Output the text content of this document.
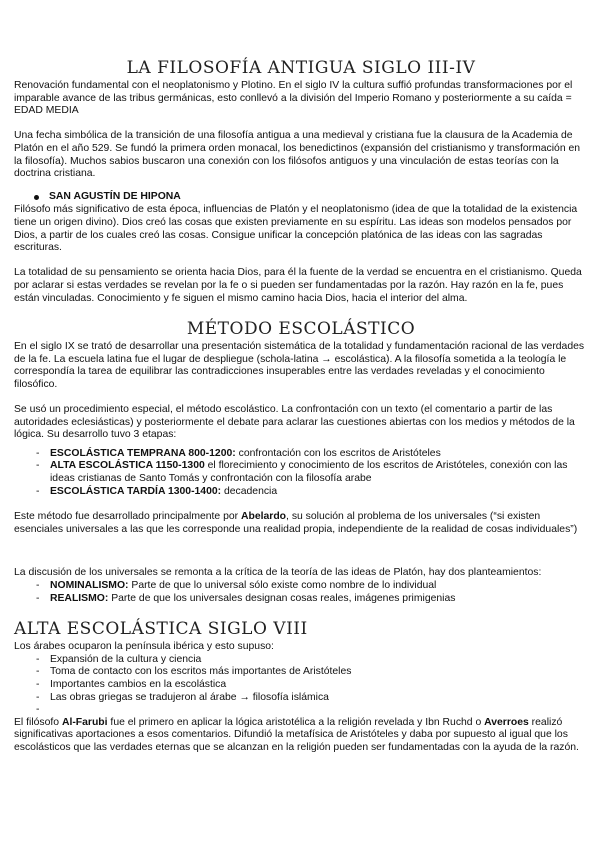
LA FILOSOFÍA ANTIGUA SIGLO III-IV

Renovación fundamental con el neoplatonismo y Plotino. En el siglo IV la cultura suffió profundas transformaciones por el imparable avance de las tribus germánicas, esto conllevó a la división del Imperio Romano y posteriormente a su caída = EDAD MEDIA

Una fecha simbólica de la transición de una filosofía antigua a una medieval y cristiana fue la clausura de la Academia de Platón en el año 529. Se fundó la primera orden monacal, los benedictinos (expansión del cristianismo y transformación en la filosofía). Muchos sabios buscaron una conexión con los filósofos antiguos y una vinculación de estas teorías con la doctrina cristiana.

SAN AGUSTÍN DE HIPONA

Filósofo más significativo de esta época, influencias de Platón y el neoplatonismo (idea de que la totalidad de la existencia tiene un origen divino). Dios creó las cosas que existen previamente en su espíritu. Las ideas son modelos pensados por Dios, a partir de los cuales creó las cosas. Consigue unificar la concepción platónica de las ideas con las sagradas escrituras.

La totalidad de su pensamiento se orienta hacia Dios, para él la fuente de la verdad se encuentra en el cristianismo. Queda por aclarar si estas verdades se revelan por la fe o si pueden ser fundamentadas por la razón. Hay razón en la fe, pues están vinculadas. Conocimiento y fe siguen el mismo camino hacia Dios, hacia el interior del alma.

MÉTODO ESCOLÁSTICO

En el siglo IX se trató de desarrollar una presentación sistemática de la totalidad y fundamentación racional de las verdades de la fe. La escuela latina fue el lugar de despliegue (schola-latina → escolástica). A la filosofía sometida a la teología le correspondía la tarea de equilibrar las contradicciones insuperables entre las verdades reveladas y el conocimiento filosófico.

Se usó un procedimiento especial, el método escolástico. La confrontación con un texto (el comentario a partir de las autoridades eclesiásticas) y posteriormente el debate para aclarar las cuestiones abiertas con los medios y métodos de la lógica. Su desarrollo tuvo 3 etapas:

- ESCOLÁSTICA TEMPRANA 800-1200: confrontación con los escritos de Aristóteles
- ALTA ESCOLÁSTICA 1150-1300 el florecimiento y conocimiento de los escritos de Aristóteles, conexión con las ideas cristianas de Santo Tomás y confrontación con la filosofía arabe
- ESCOLÁSTICA TARDÍA 1300-1400: decadencia

Este método fue desarrollado principalmente por Abelardo, su solución al problema de los universales (“si existen esenciales universales a las que les corresponde una realidad propia, independiente de la realidad de cosas individuales”)

La discusión de los universales se remonta a la crítica de la teoría de las ideas de Platón, hay dos planteamientos:

- NOMINALISMO: Parte de que lo universal sólo existe como nombre de lo individual
- REALISMO: Parte de que los universales designan cosas reales, imágenes primigenias
ALTA ESCOLÁSTICA SIGLO VIII

Los árabes ocuparon la península ibérica y esto supuso:

- Expansión de la cultura y ciencia
- Toma de contacto con los escritos más importantes de Aristóteles
- Importantes cambios en la escolástica
- Las obras griegas se tradujeron al árabe → filosofía islámica
-

El filósofo Al-Farubi fue el primero en aplicar la lógica aristotélica a la religión revelada y Ibn Ruchd o Averroes realizó significativas aportaciones a esos comentarios. Difundió la metafísica de Aristóteles y daba por supuesto al igual que los escolásticos que las verdades eternas que se alcanzan en la religión pueden ser fundamentadas con la ayuda de la razón.
